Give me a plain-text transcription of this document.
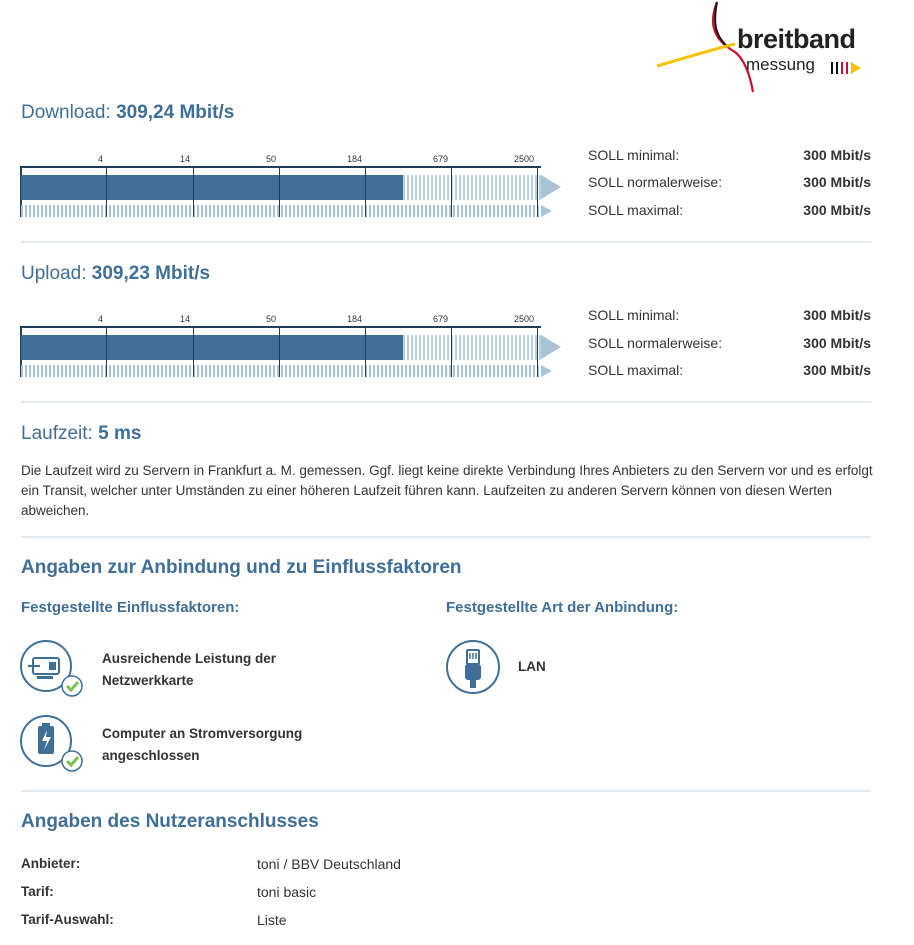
breitband
messung
Download: 309,24 Mbit/s
4	14	50	184	679	2500	SOLL minimal:	300 Mbit/s
SOLL normalerweise:	300 Mbit/s
SOLL maximal:	300 Mbit/s
Upload: 309,23 Mbit/s
4	14	50	184	679	2500	SOLL minimal:	300 Mbit/s
SOLL normalerweise:	300 Mbit/s
SOLL maximal:	300 Mbit/s
Laufzeit: 5 ms
Die Laufzeit wird zu Servern in Frankfurt a. M. gemessen. Ggf. liegt keine direkte Verbindung Ihres Anbieters zu den Servern vor und es erfolgt ein Transit, welcher unter Umständen zu einer höheren Laufzeit führen kann. Laufzeiten zu anderen Servern können von diesen Werten abweichen.
Angaben zur Anbindung und zu Einflussfaktoren
Festgestellte Einflussfaktoren:	Festgestellte Art der Anbindung:
Ausreichende Leistung der
Netzwerkkarte
Computer an Stromversorgung
angeschlossen
LAN
Angaben des Nutzeranschlusses
Anbieter:	toni / BBV Deutschland
Tarif:	toni basic
Tarif-Auswahl:	Liste
